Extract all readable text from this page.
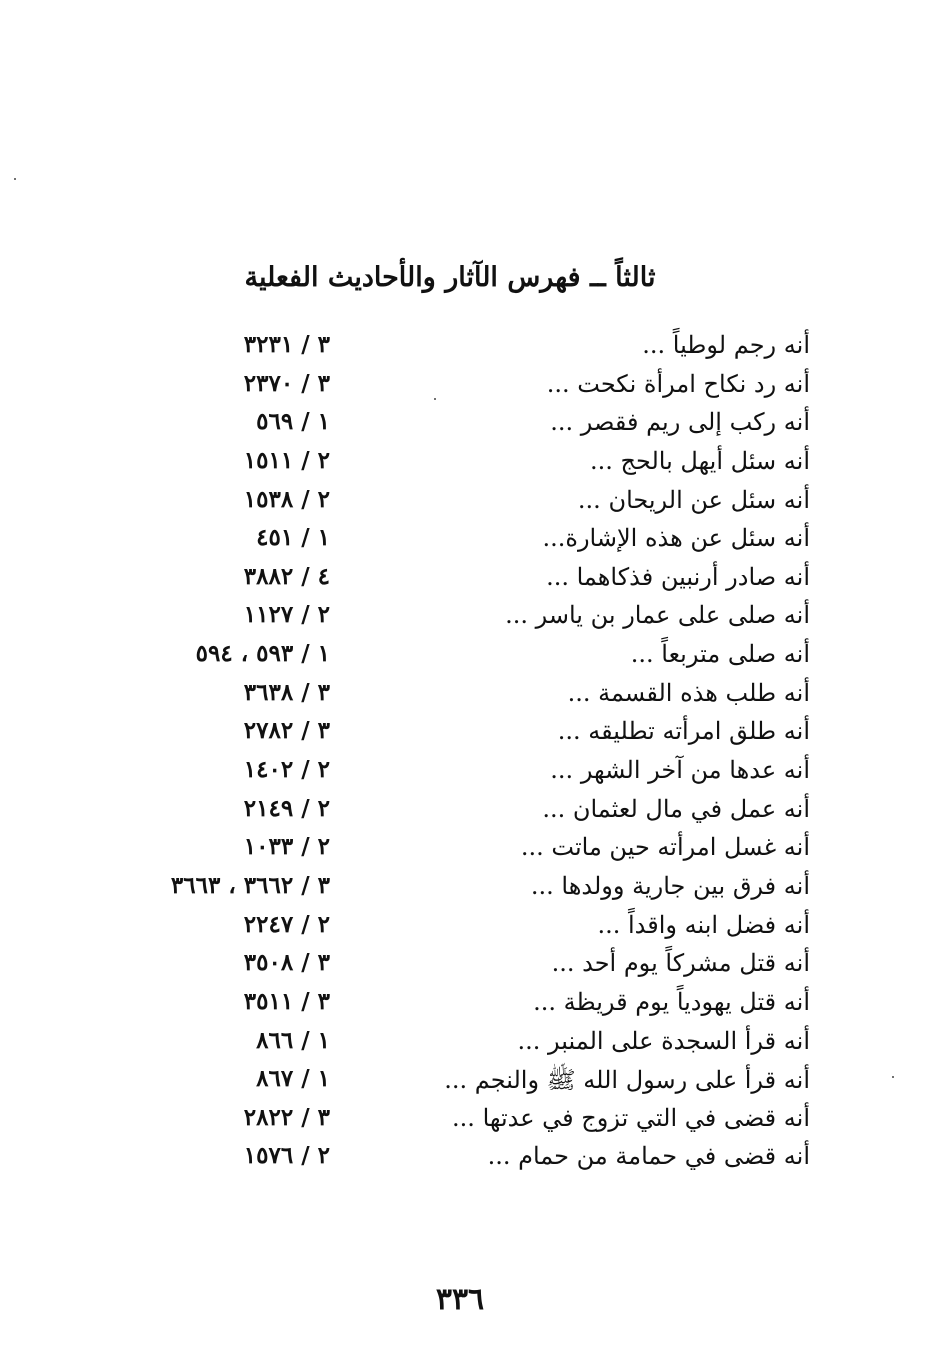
ثالثاً ــ فهرس الآثار والأحاديث الفعلية
أنه رجم لوطياً ...
٣ / ٣٢٣١
أنه رد نكاح امرأة نكحت ...
٣ / ٢٣٧٠
أنه ركب إلى ريم فقصر ...
١ / ٥٦٩
أنه سئل أيهل بالحج ...
٢ / ١٥١١
أنه سئل عن الريحان ...
٢ / ١٥٣٨
أنه سئل عن هذه الإشارة...
١ / ٤٥١
أنه صادر أرنبين فذكاهما ...
٤ / ٣٨٨٢
أنه صلى على عمار بن ياسر ...
٢ / ١١٢٧
أنه صلى متربعاً ...
١ / ٥٩٣ ، ٥٩٤
أنه طلب هذه القسمة ...
٣ / ٣٦٣٨
أنه طلق امرأته تطليقه ...
٣ / ٢٧٨٢
أنه عدها من آخر الشهر ...
٢ / ١٤٠٢
أنه عمل في مال لعثمان ...
٢ / ٢١٤٩
أنه غسل امرأته حين ماتت ...
٢ / ١٠٣٣
أنه فرق بين جارية وولدها ...
٣ / ٣٦٦٢ ، ٣٦٦٣
أنه فضل ابنه واقداً ...
٢ / ٢٢٤٧
أنه قتل مشركاً يوم أحد ...
٣ / ٣٥٠٨
أنه قتل يهودياً يوم قريظة ...
٣ / ٣٥١١
أنه قرأ السجدة على المنبر ...
١ / ٨٦٦
أنه قرأ على رسول الله ﷺ والنجم ...
١ / ٨٦٧
أنه قضى في التي تزوج في عدتها ...
٣ / ٢٨٢٢
أنه قضى في حمامة من حمام ...
٢ / ١٥٧٦
٣٣٦
